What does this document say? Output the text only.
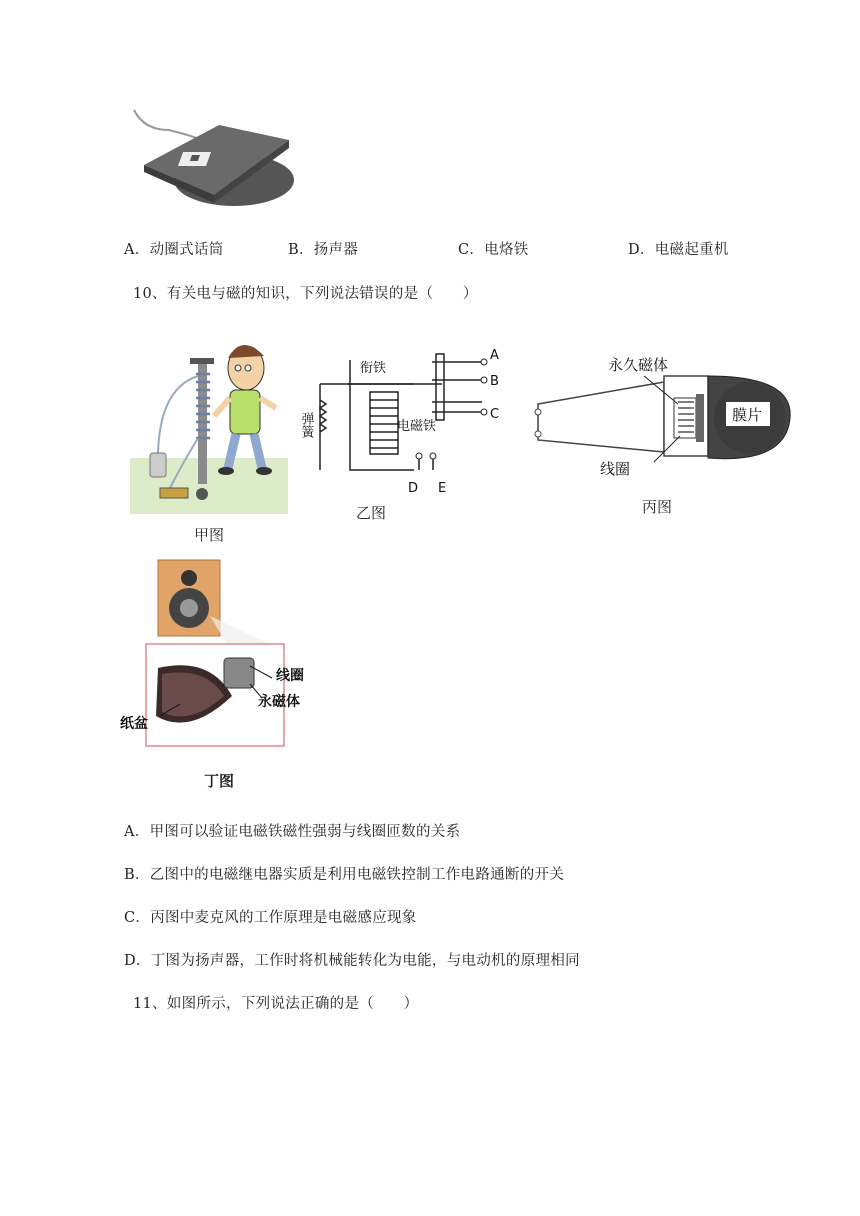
A．动圈式话筒	B．扬声器	C．电烙铁	D．电磁起重机
10、有关电与磁的知识，下列说法错误的是（　　）
甲图
衔铁
弹簧	电磁铁
A
B
C
D E
乙图
永久磁体
膜片
线圈
丙图
线圈
永磁体
纸盆
丁图
A．甲图可以验证电磁铁磁性强弱与线圈匝数的关系
B．乙图中的电磁继电器实质是利用电磁铁控制工作电路通断的开关
C．丙图中麦克风的工作原理是电磁感应现象
D．丁图为扬声器，工作时将机械能转化为电能，与电动机的原理相同
11、如图所示，下列说法正确的是（　　）
